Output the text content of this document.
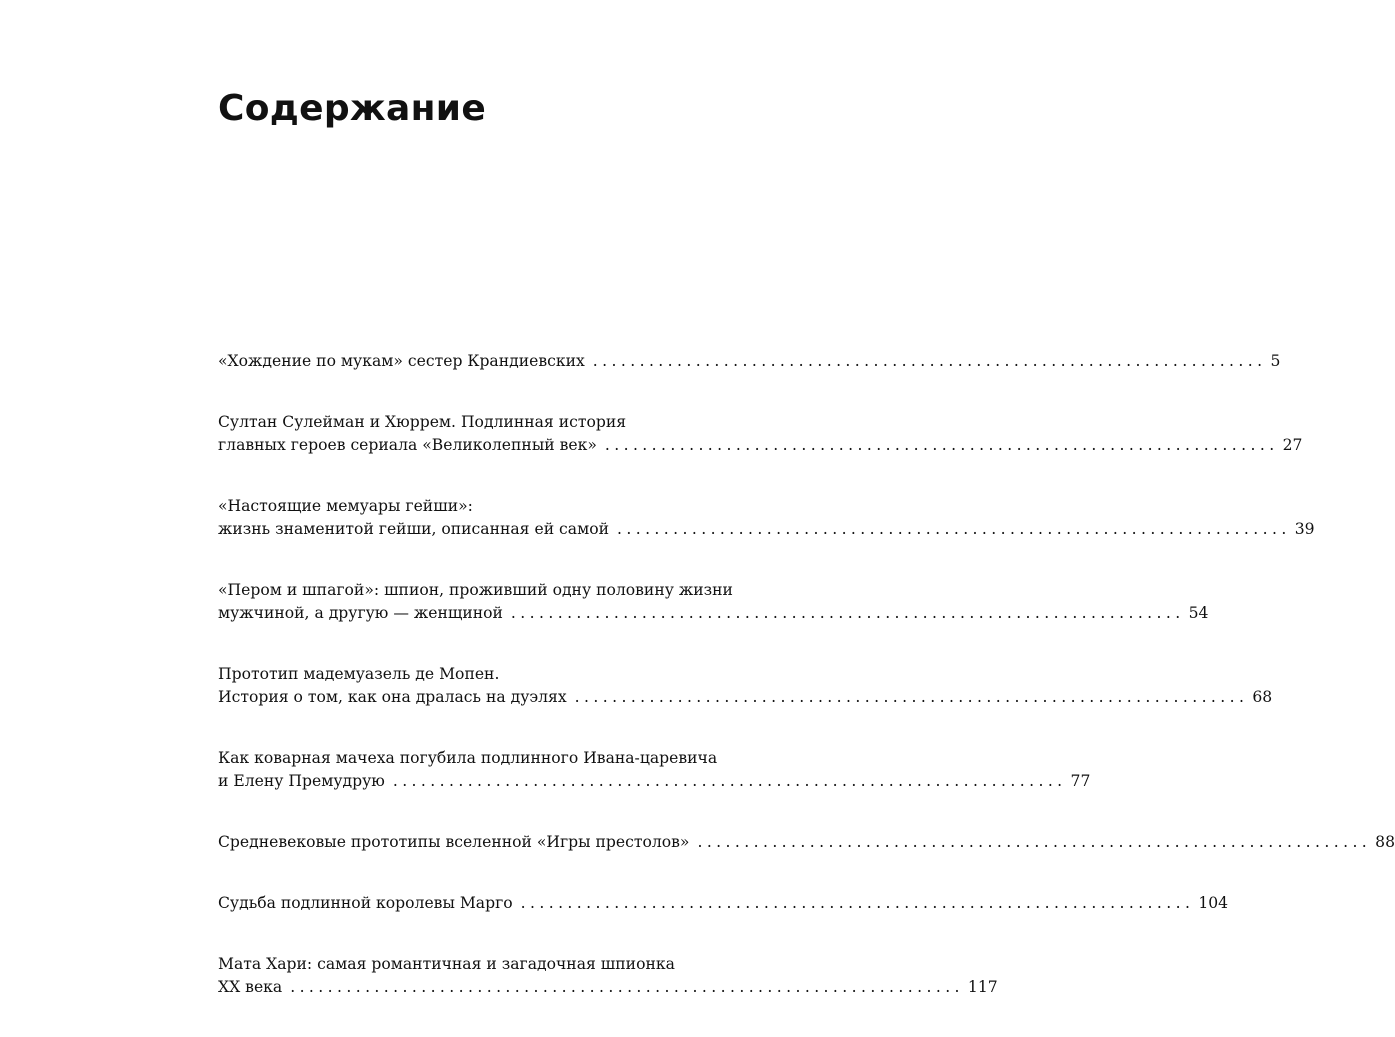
Содержание
«Хождение по мукам» сестер Крандиевских ........................................................................ 5
Султан Сулейман и Хюррем. Подлинная история
главных героев сериала «Великолепный век» ........................................................................ 27
«Настоящие мемуары гейши»:
жизнь знаменитой гейши, описанная ей самой ........................................................................ 39
«Пером и шпагой»: шпион, проживший одну половину жизни
мужчиной, а другую — женщиной ........................................................................ 54
Прототип мадемуазель де Мопен.
История о том, как она дралась на дуэлях ........................................................................ 68
Как коварная мачеха погубила подлинного Ивана-царевича
и Елену Премудрую ........................................................................ 77
Средневековые прототипы вселенной «Игры престолов» ........................................................................ 88
Судьба подлинной королевы Марго ........................................................................ 104
Мата Хари: самая романтичная и загадочная шпионка
XX века ........................................................................ 117
